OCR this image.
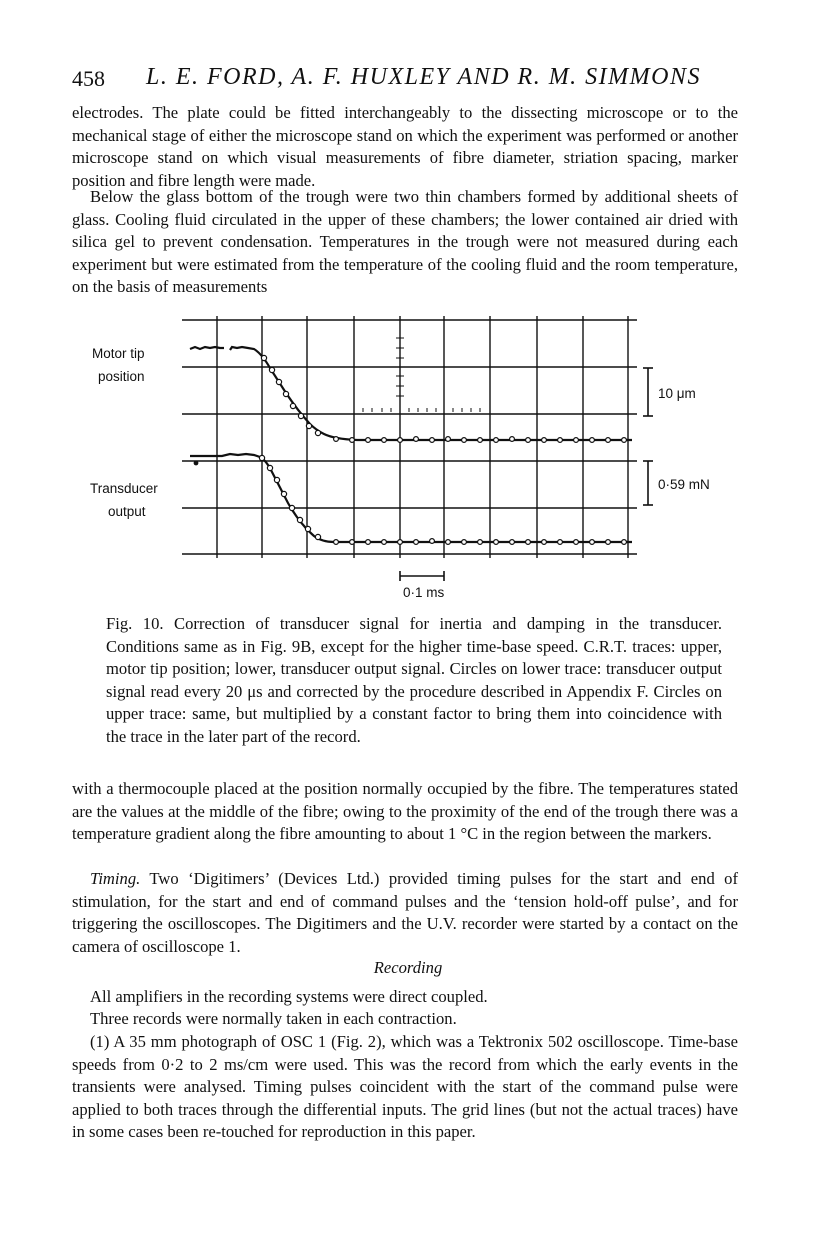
458 L. E. FORD, A. F. HUXLEY AND R. M. SIMMONS

electrodes. The plate could be fitted interchangeably to the dissecting microscope or to the mechanical stage of either the microscope stand on which the experiment was performed or another microscope stand on which visual measurements of fibre diameter, striation spacing, marker position and fibre length were made.

Below the glass bottom of the trough were two thin chambers formed by additional sheets of glass. Cooling fluid circulated in the upper of these chambers; the lower contained air dried with silica gel to prevent condensation. Temperatures in the trough were not measured during each experiment but were estimated from the temperature of the cooling fluid and the room temperature, on the basis of measurements

Motor tip
position
Transducer
output
10 μm
0·59 mN
0·1 ms

Fig. 10. Correction of transducer signal for inertia and damping in the transducer. Conditions same as in Fig. 9B, except for the higher time-base speed. C.R.T. traces: upper, motor tip position; lower, transducer output signal. Circles on lower trace: transducer output signal read every 20 μs and corrected by the procedure described in Appendix F. Circles on upper trace: same, but multiplied by a constant factor to bring them into coincidence with the trace in the later part of the record.

with a thermocouple placed at the position normally occupied by the fibre. The temperatures stated are the values at the middle of the fibre; owing to the proximity of the end of the trough there was a temperature gradient along the fibre amounting to about 1 °C in the region between the markers.

Timing. Two ‘Digitimers’ (Devices Ltd.) provided timing pulses for the start and end of stimulation, for the start and end of command pulses and the ‘tension hold-off pulse’, and for triggering the oscilloscopes. The Digitimers and the U.V. recorder were started by a contact on the camera of oscilloscope 1.

Recording

All amplifiers in the recording systems were direct coupled.

Three records were normally taken in each contraction.

(1) A 35 mm photograph of OSC 1 (Fig. 2), which was a Tektronix 502 oscilloscope. Time-base speeds from 0·2 to 2 ms/cm were used. This was the record from which the early events in the transients were analysed. Timing pulses coincident with the start of the command pulse were applied to both traces through the differential inputs. The grid lines (but not the actual traces) have in some cases been re-touched for reproduction in this paper.
